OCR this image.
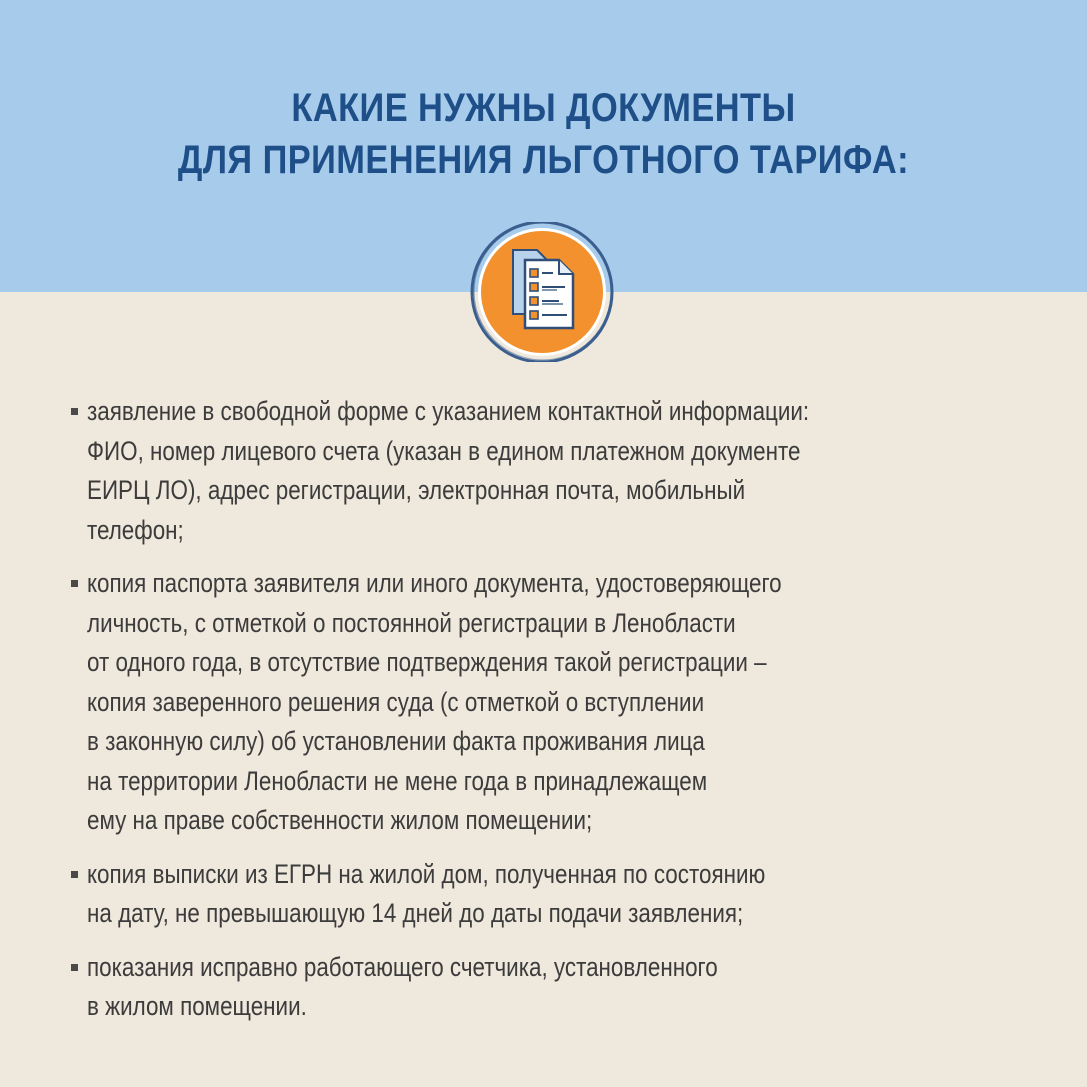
КАКИЕ НУЖНЫ ДОКУМЕНТЫ
ДЛЯ ПРИМЕНЕНИЯ ЛЬГОТНОГО ТАРИФА:
заявление в свободной форме с указанием контактной информации:
ФИО, номер лицевого счета (указан в едином платежном документе
ЕИРЦ ЛО), адрес регистрации, электронная почта, мобильный
телефон;
копия паспорта заявителя или иного документа, удостоверяющего
личность, с отметкой о постоянной регистрации в Ленобласти
от одного года, в отсутствие подтверждения такой регистрации –
копия заверенного решения суда (с отметкой о вступлении
в законную силу) об установлении факта проживания лица
на территории Ленобласти не мене года в принадлежащем
ему на праве собственности жилом помещении;
копия выписки из ЕГРН на жилой дом, полученная по состоянию
на дату, не превышающую 14 дней до даты подачи заявления;
показания исправно работающего счетчика, установленного
в жилом помещении.
